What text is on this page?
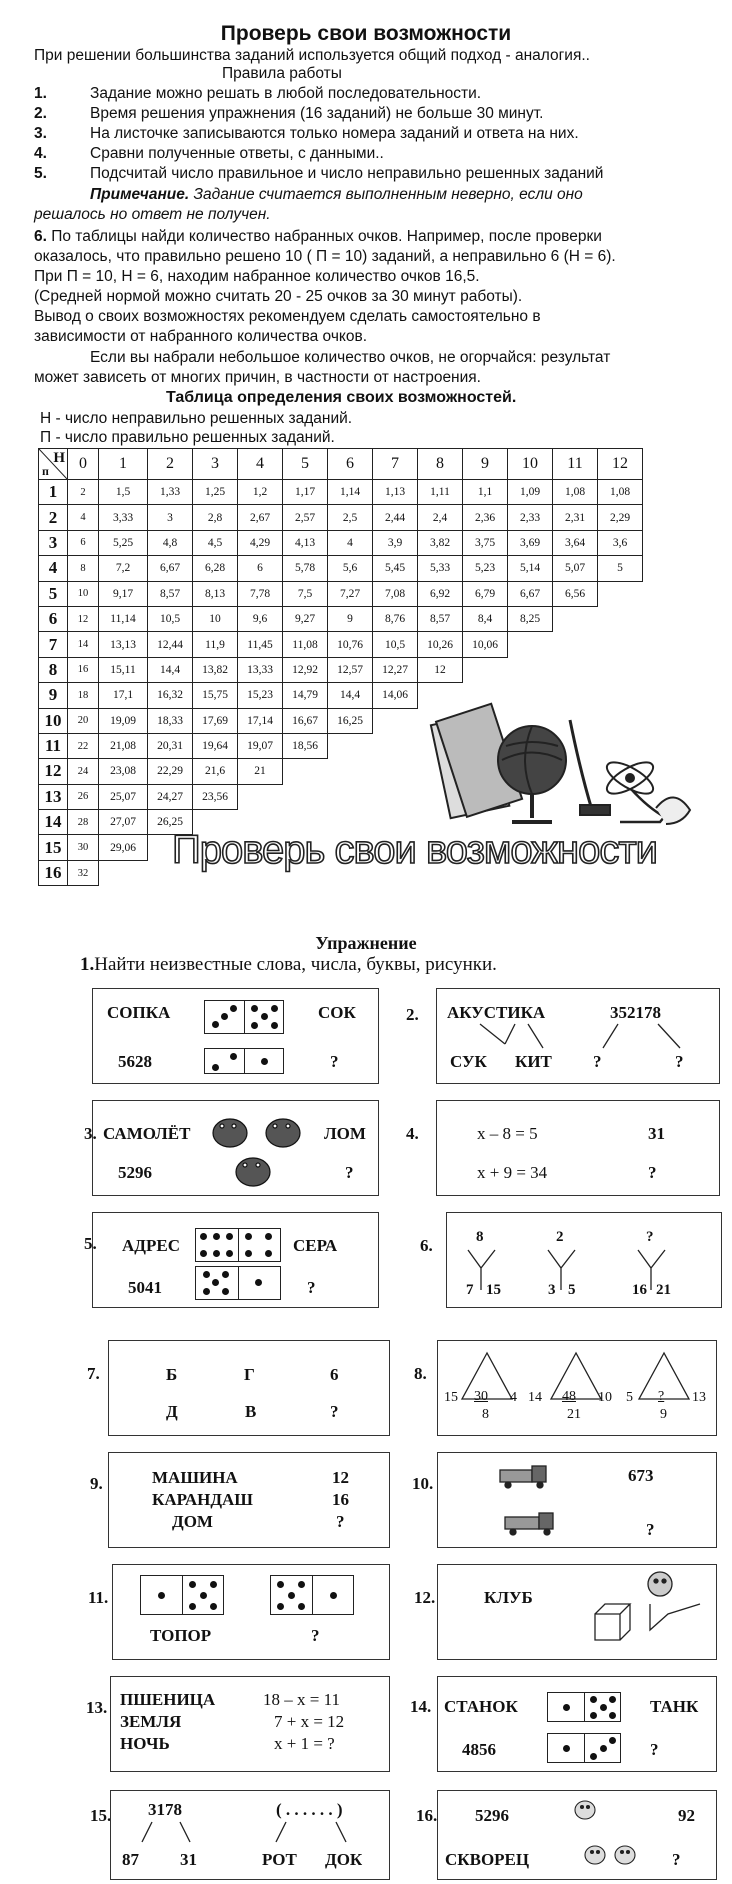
Проверь свои возможности
При решении большинства заданий используется общий подход - аналогия..
Правила работы
1.	Задание можно решать в любой последовательности.
2.	Время решения упражнения (16 заданий) не больше 30 минут.
3.	На листочке записываются только номера заданий и ответа на них.
4.	Сравни полученные ответы, с данными..
5.	Подсчитай число правильное и число неправильно решенных заданий
Примечание. Задание считается выполненным неверно, если оно
решалось но ответ не получен.
6. По таблицы найди количество набранных очков. Например, после проверки
оказалось, что правильно решено 10 ( П = 10) заданий, а неправильно 6 (Н = 6).
При П = 10, Н = 6, находим набранное количество очков 16,5.
(Средней нормой можно считать 20 - 25 очков за 30 минут работы).
Вывод о своих возможностях рекомендуем сделать самостоятельно в
зависимости от набранного количества очков.
Если вы набрали небольшое количество очков, не огорчайся: результат
может зависеть от многих причин, в частности от настроения.
Таблица определения своих возможностей.
Н - число неправильно решенных заданий.
П - число правильно решенных заданий.
Н
п	0	1	2	3	4	5	6	7	8	9	10	11	12
1	2	1,5	1,33	1,25	1,2	1,17	1,14	1,13	1,11	1,1	1,09	1,08	1,08
2	4	3,33	3	2,8	2,67	2,57	2,5	2,44	2,4	2,36	2,33	2,31	2,29
3	6	5,25	4,8	4,5	4,29	4,13	4	3,9	3,82	3,75	3,69	3,64	3,6
4	8	7,2	6,67	6,28	6	5,78	5,6	5,45	5,33	5,23	5,14	5,07	5
5	10	9,17	8,57	8,13	7,78	7,5	7,27	7,08	6,92	6,79	6,67	6,56	
6	12	11,14	10,5	10	9,6	9,27	9	8,76	8,57	8,4	8,25		
7	14	13,13	12,44	11,9	11,45	11,08	10,76	10,5	10,26	10,06			
8	16	15,11	14,4	13,82	13,33	12,92	12,57	12,27	12				
9	18	17,1	16,32	15,75	15,23	14,79	14,4	14,06					
10	20	19,09	18,33	17,69	17,14	16,67	16,25						
11	22	21,08	20,31	19,64	19,07	18,56							
12	24	23,08	22,29	21,6	21								
13	26	25,07	24,27	23,56									
14	28	27,07	26,25										
15	30	29,06											
16	32												
Проверь свои возможности
Упражнение
1.Найти неизвестные слова, числа, буквы, рисунки.
СОПКА	СОК
5628	?
2. АКУСТИКА	352178
СУК КИТ ?	?
3. САМОЛЁТ	ЛОМ
5296	?
4.	х – 8 = 5	31
х + 9 = 34	?
5. АДРЕС	СЕРА
5041	?
6.	8
7 15
2
3 5
?
16 21
7.	Б	Г	6
Д	В	?
8.
15 30 4
8
14 48 10
21
5 ? 13
9
9.	МАШИНА
КАРАНДАШ
ДОМ
12
16
?
10.	673
?
11.
ТОПОР	?
12.	КЛУБ
13. ПШЕНИЦА
ЗЕМЛЯ
НОЧЬ
18 – х = 11
7 + х = 12
х + 1 = ?
14. СТАНОК	ТАНК
4856	?
15. 3178	( . . . . . . )
87 31	РОТ ДОК
16. 5296	92
СКВОРЕЦ	?
